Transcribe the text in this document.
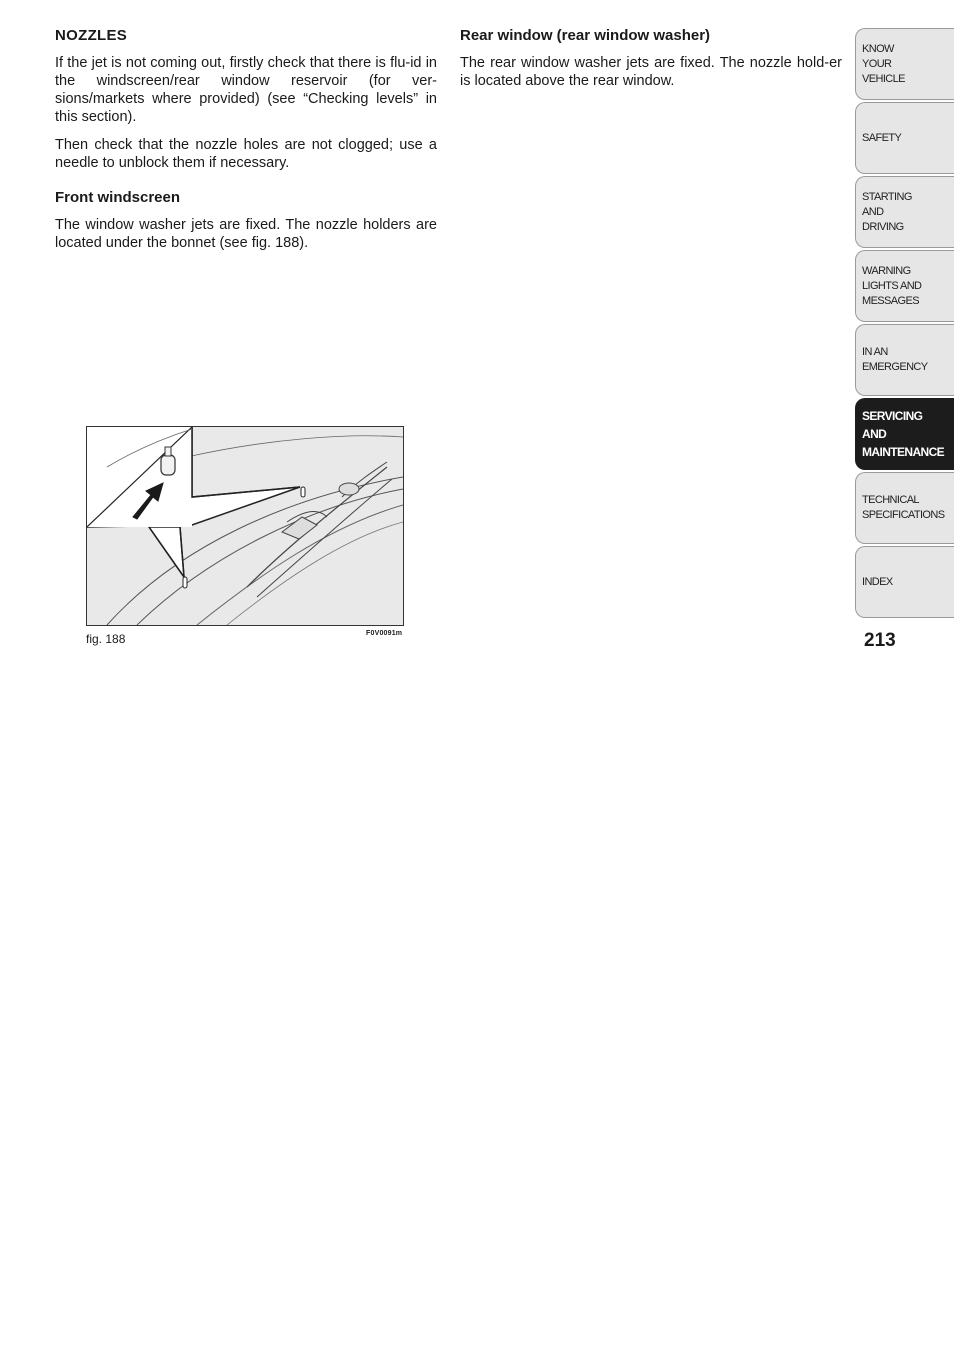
NOZZLES

If the jet is not coming out, firstly check that there is flu-id in the windscreen/rear window reservoir (for ver-sions/markets where provided) (see “Checking levels” in this section).

Then check that the nozzle holes are not clogged; use a needle to unblock them if necessary.

Front windscreen

The window washer jets are fixed. The nozzle holders are located under the bonnet (see fig. 188).

Rear window (rear window washer)

The rear window washer jets are fixed. The nozzle hold-er is located above the rear window.

fig. 188	F0V0091m
KNOW
YOUR
VEHICLE
SAFETY
STARTING
AND
DRIVING
WARNING
LIGHTS AND
MESSAGES
IN AN
EMERGENCY
SERVICING
AND
MAINTENANCE
TECHNICAL
SPECIFICATIONS
INDEX
213
